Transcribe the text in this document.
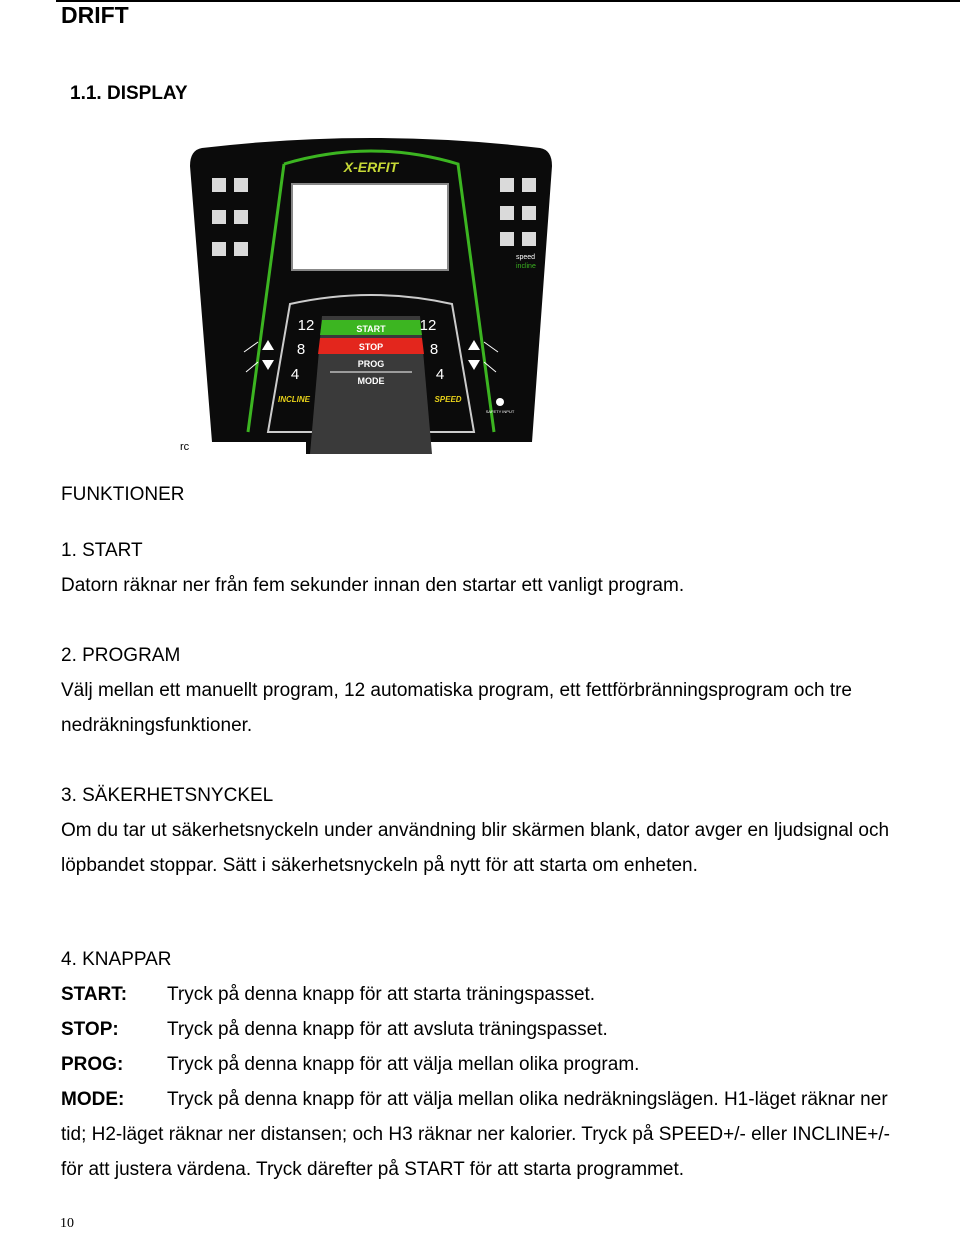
DRIFT
1.1. DISPLAY
X-ERFIT
speed
incline
START
STOP
PROG
MODE
12
8
4
12
8
4
INCLINE	SPEED
SAFETY INPUT
rc
FUNKTIONER
1. START
Datorn räknar ner från fem sekunder innan den startar ett vanligt program.
2. PROGRAM
Välj mellan ett manuellt program, 12 automatiska program, ett fettförbränningsprogram och tre
nedräkningsfunktioner.
3. SÄKERHETSNYCKEL
Om du tar ut säkerhetsnyckeln under användning blir skärmen blank, dator avger en ljudsignal och
löpbandet stoppar. Sätt i säkerhetsnyckeln på nytt för att starta om enheten.
4. KNAPPAR
START: Tryck på denna knapp för att starta träningspasset.
STOP:	Tryck på denna knapp för att avsluta träningspasset.
PROG: Tryck på denna knapp för att välja mellan olika program.
MODE: Tryck på denna knapp för att välja mellan olika nedräkningslägen. H1-läget räknar ner
tid; H2-läget räknar ner distansen; och H3 räknar ner kalorier. Tryck på SPEED+/- eller INCLINE+/-
för att justera värdena. Tryck därefter på START för att starta programmet.
10
